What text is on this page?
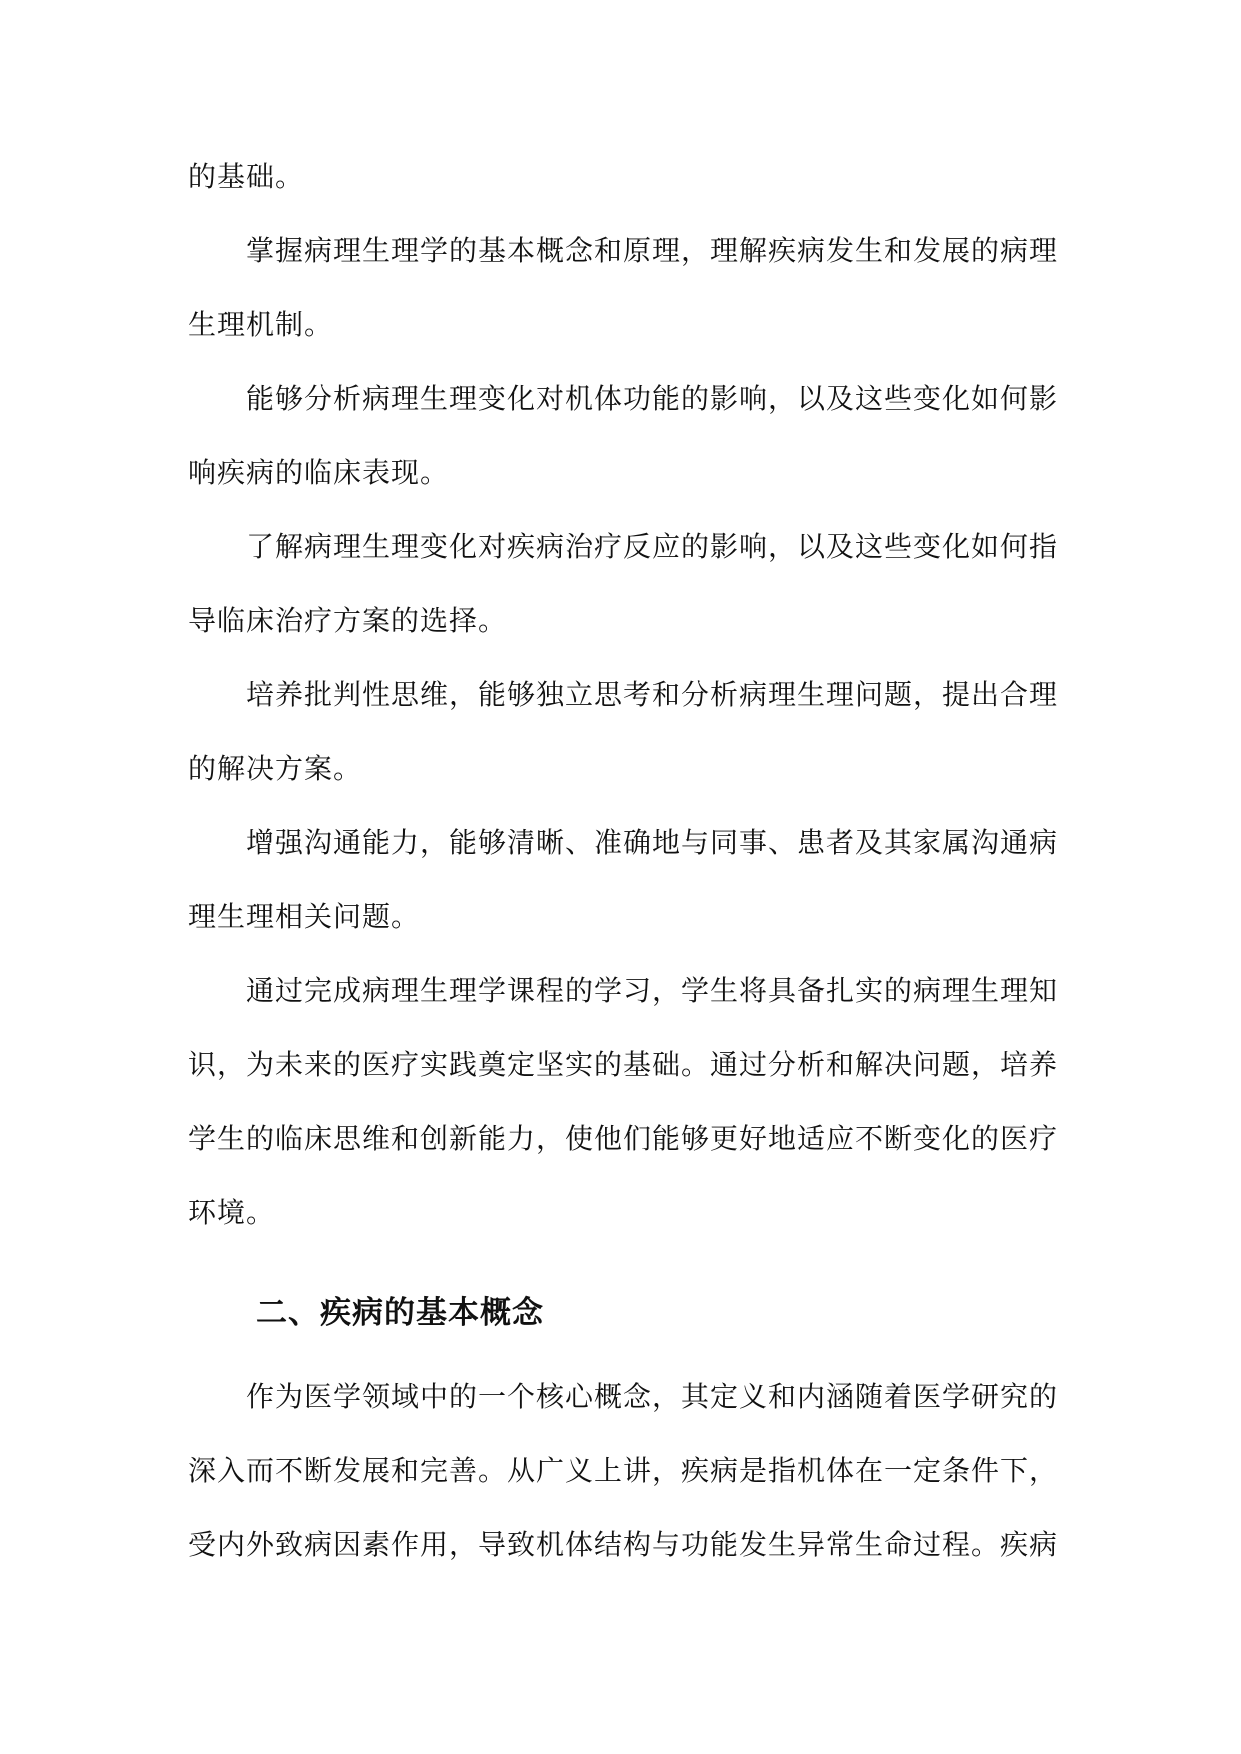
的基础。

掌握病理生理学的基本概念和原理，理解疾病发生和发展的病理生理机制。

能够分析病理生理变化对机体功能的影响，以及这些变化如何影响疾病的临床表现。

了解病理生理变化对疾病治疗反应的影响，以及这些变化如何指导临床治疗方案的选择。

培养批判性思维，能够独立思考和分析病理生理问题，提出合理的解决方案。

增强沟通能力，能够清晰、准确地与同事、患者及其家属沟通病理生理相关问题。

通过完成病理生理学课程的学习，学生将具备扎实的病理生理知识，为未来的医疗实践奠定坚实的基础。通过分析和解决问题，培养学生的临床思维和创新能力，使他们能够更好地适应不断变化的医疗环境。

二、疾病的基本概念

作为医学领域中的一个核心概念，其定义和内涵随着医学研究的深入而不断发展和完善。从广义上讲，疾病是指机体在一定条件下，受内外致病因素作用，导致机体结构与功能发生异常生命过程。疾病
